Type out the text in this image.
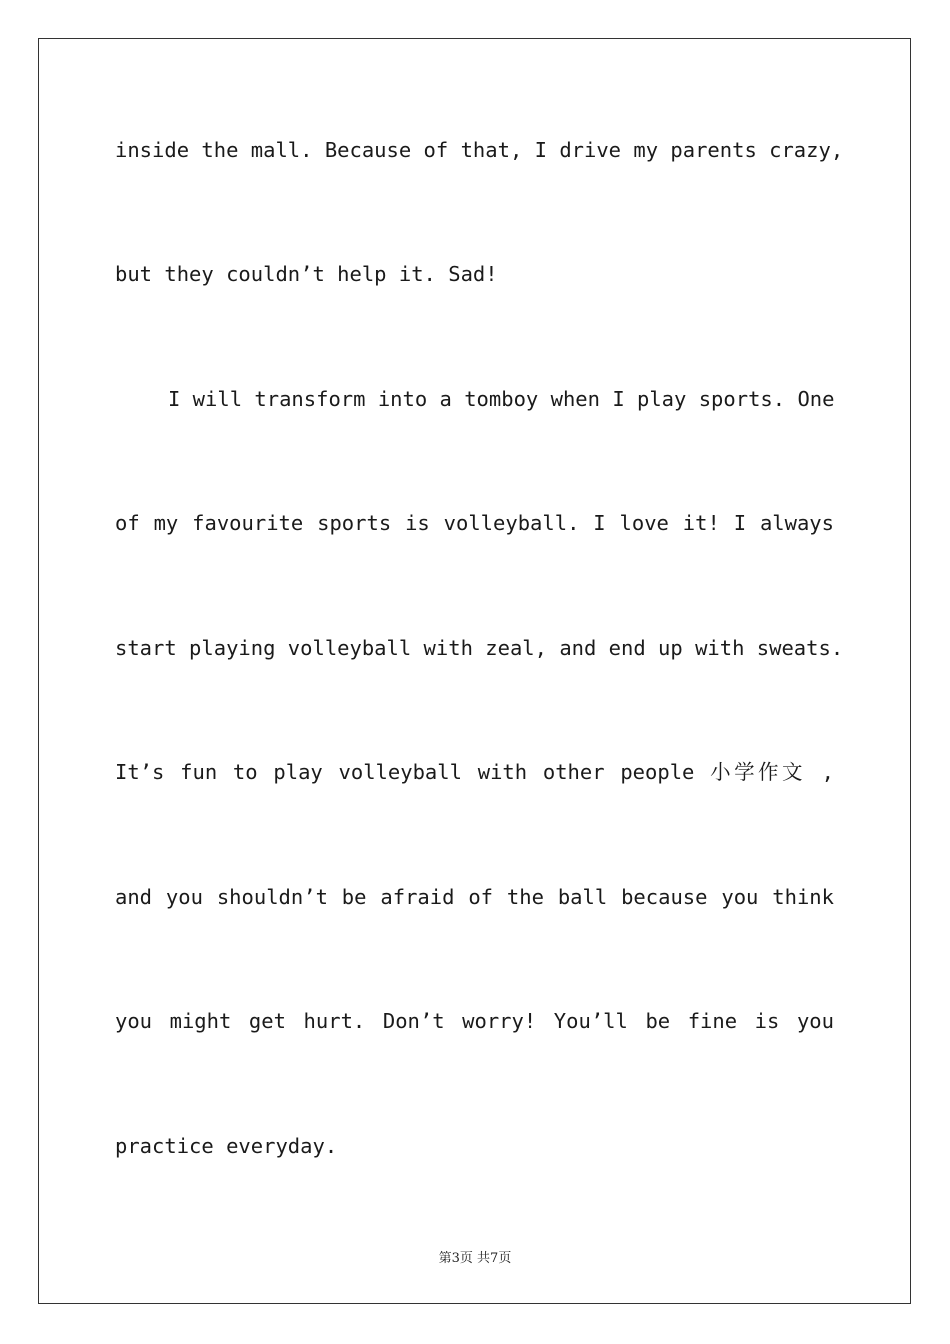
inside the mall. Because of that, I drive my parents crazy,
but they couldn’t help it. Sad!
I will transform into a tomboy when I play sports. One
of my favourite sports is volleyball. I love it! I always
start playing volleyball with zeal, and end up with sweats.
It’s fun to play volleyball with other people 小学作文 ,
and you shouldn’t be afraid of the ball because you think
you might get hurt. Don’t worry! You’ll be fine is you
practice everyday.
第3页 共7页
